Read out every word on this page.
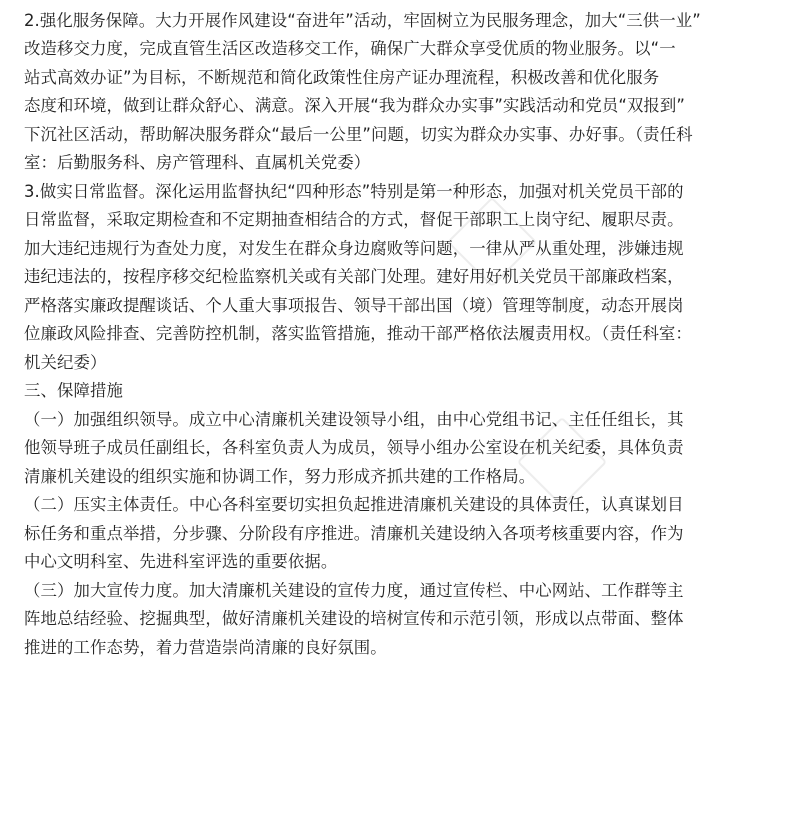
2.强化服务保障。大力开展作风建设“奋进年”活动，牢固树立为民服务理念，加大“三供一业”
改造移交力度，完成直管生活区改造移交工作，确保广大群众享受优质的物业服务。以“一
站式高效办证”为目标，不断规范和简化政策性住房产证办理流程，积极改善和优化服务
态度和环境，做到让群众舒心、满意。深入开展“我为群众办实事”实践活动和党员“双报到”
下沉社区活动，帮助解决服务群众“最后一公里”问题，切实为群众办实事、办好事。（责任科
室：后勤服务科、房产管理科、直属机关党委）
3.做实日常监督。深化运用监督执纪“四种形态”特别是第一种形态，加强对机关党员干部的
日常监督，采取定期检查和不定期抽查相结合的方式，督促干部职工上岗守纪、履职尽责。
加大违纪违规行为查处力度，对发生在群众身边腐败等问题，一律从严从重处理，涉嫌违规
违纪违法的，按程序移交纪检监察机关或有关部门处理。建好用好机关党员干部廉政档案，
严格落实廉政提醒谈话、个人重大事项报告、领导干部出国（境）管理等制度，动态开展岗
位廉政风险排查、完善防控机制，落实监管措施，推动干部严格依法履责用权。（责任科室：
机关纪委）
三、保障措施
（一）加强组织领导。成立中心清廉机关建设领导小组，由中心党组书记、主任任组长，其
他领导班子成员任副组长，各科室负责人为成员，领导小组办公室设在机关纪委，具体负责
清廉机关建设的组织实施和协调工作，努力形成齐抓共建的工作格局。
（二）压实主体责任。中心各科室要切实担负起推进清廉机关建设的具体责任，认真谋划目
标任务和重点举措，分步骤、分阶段有序推进。清廉机关建设纳入各项考核重要内容，作为
中心文明科室、先进科室评选的重要依据。
（三）加大宣传力度。加大清廉机关建设的宣传力度，通过宣传栏、中心网站、工作群等主
阵地总结经验、挖掘典型，做好清廉机关建设的培树宣传和示范引领，形成以点带面、整体
推进的工作态势，着力营造崇尚清廉的良好氛围。
